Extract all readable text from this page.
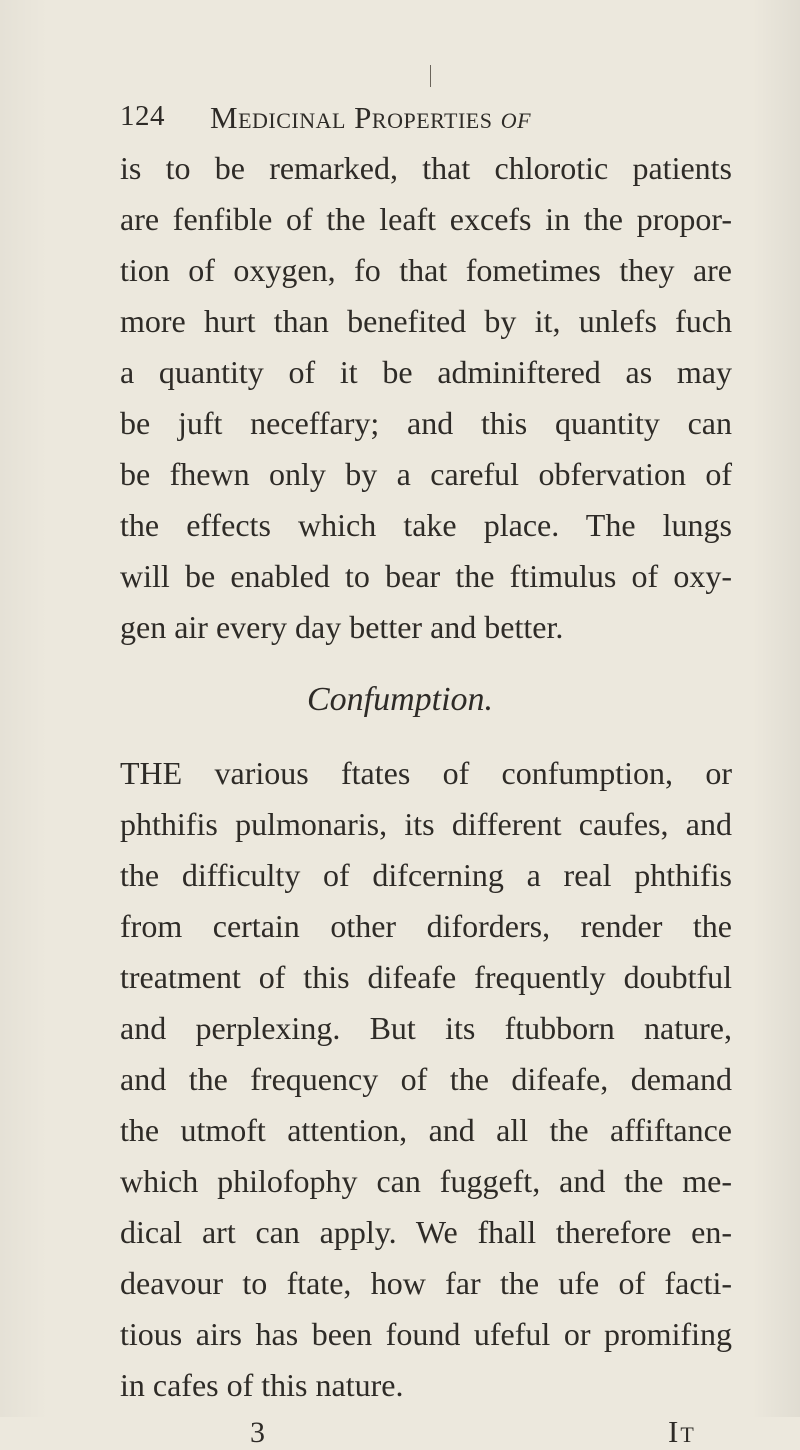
124 Medicinal Properties of
is to be remarked, that chlorotic patients
are fenfible of the leaft excefs in the propor-
tion of oxygen, fo that fometimes they are
more hurt than benefited by it, unlefs fuch
a quantity of it be adminiftered as may
be juft neceffary; and this quantity can
be fhewn only by a careful obfervation of
the effects which take place. The lungs
will be enabled to bear the ftimulus of oxy-
gen air every day better and better.
Confumption.
THE various ftates of confumption, or
phthifis pulmonaris, its different caufes, and
the difficulty of difcerning a real phthifis
from certain other diforders, render the
treatment of this difeafe frequently doubtful
and perplexing. But its ftubborn nature,
and the frequency of the difeafe, demand
the utmoft attention, and all the affiftance
which philofophy can fuggeft, and the me-
dical art can apply. We fhall therefore en-
deavour to ftate, how far the ufe of facti-
tious airs has been found ufeful or promifing
in cafes of this nature.
3	It
